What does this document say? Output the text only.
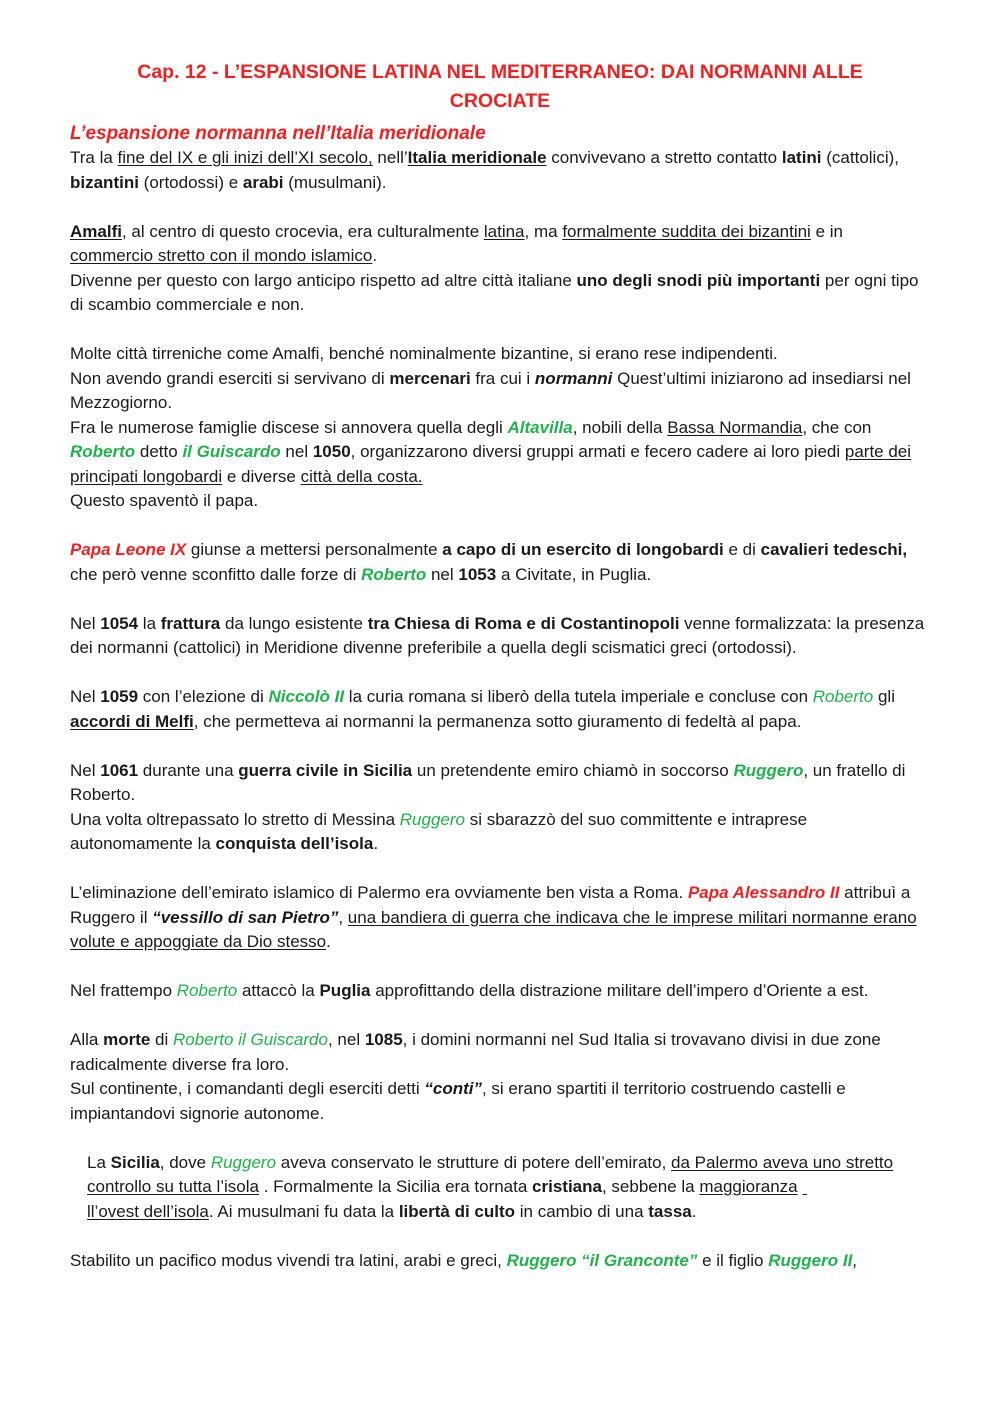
Cap. 12 - L’ESPANSIONE LATINA NEL MEDITERRANEO: DAI NORMANNI ALLE
CROCIATE
L’espansione normanna nell’Italia meridionale

Tra la fine del IX e gli inizi dell’XI secolo, nell’Italia meridionale convivevano a stretto contatto latini (cattolici), bizantini (ortodossi) e arabi (musulmani).

Amalfi, al centro di questo crocevia, era culturalmente latina, ma formalmente suddita dei bizantini e in commercio stretto con il mondo islamico.

Divenne per questo con largo anticipo rispetto ad altre città italiane uno degli snodi più importanti per ogni tipo di scambio commerciale e non.

Molte città tirreniche come Amalfi, benché nominalmente bizantine, si erano rese indipendenti.

Non avendo grandi eserciti si servivano di mercenari fra cui i normanni Quest’ultimi iniziarono ad insediarsi nel Mezzogiorno.

Fra le numerose famiglie discese si annovera quella degli Altavilla, nobili della Bassa Normandia, che con Roberto detto il Guiscardo nel 1050, organizzarono diversi gruppi armati e fecero cadere ai loro piedi parte dei principati longobardi e diverse città della costa.

Questo spaventò il papa.

Papa Leone IX giunse a mettersi personalmente a capo di un esercito di longobardi e di cavalieri tedeschi, che però venne sconfitto dalle forze di Roberto nel 1053 a Civitate, in Puglia.

Nel 1054 la frattura da lungo esistente tra Chiesa di Roma e di Costantinopoli venne formalizzata: la presenza dei normanni (cattolici) in Meridione divenne preferibile a quella degli scismatici greci (ortodossi).

Nel 1059 con l’elezione di Niccolò II la curia romana si liberò della tutela imperiale e concluse con Roberto gli accordi di Melfi, che permetteva ai normanni la permanenza sotto giuramento di fedeltà al papa.

Nel 1061 durante una guerra civile in Sicilia un pretendente emiro chiamò in soccorso Ruggero, un fratello di Roberto.

Una volta oltrepassato lo stretto di Messina Ruggero si sbarazzò del suo committente e intraprese autonomamente la conquista dell’isola.

L’eliminazione dell’emirato islamico di Palermo era ovviamente ben vista a Roma. Papa Alessandro II attribuì a Ruggero il “vessillo di san Pietro”, una bandiera di guerra che indicava che le imprese militari normanne erano volute e appoggiate da Dio stesso.

Nel frattempo Roberto attaccò la Puglia approfittando della distrazione militare dell’impero d’Oriente a est.

Alla morte di Roberto il Guiscardo, nel 1085, i domini normanni nel Sud Italia si trovavano divisi in due zone radicalmente diverse fra loro.

Sul continente, i comandanti degli eserciti detti “conti”, si erano spartiti il territorio costruendo castelli e impiantandovi signorie autonome.

La Sicilia, dove Ruggero aveva conservato le strutture di potere dell’emirato, da Palermo aveva uno stretto controllo su tutta l’isola . Formalmente la Sicilia era tornata cristiana, sebbene la maggioranza  ll’ovest dell’isola. Ai musulmani fu data la libertà di culto in cambio di una tassa.

Stabilito un pacifico modus vivendi tra latini, arabi e greci, Ruggero “il Granconte” e il figlio Ruggero II,
